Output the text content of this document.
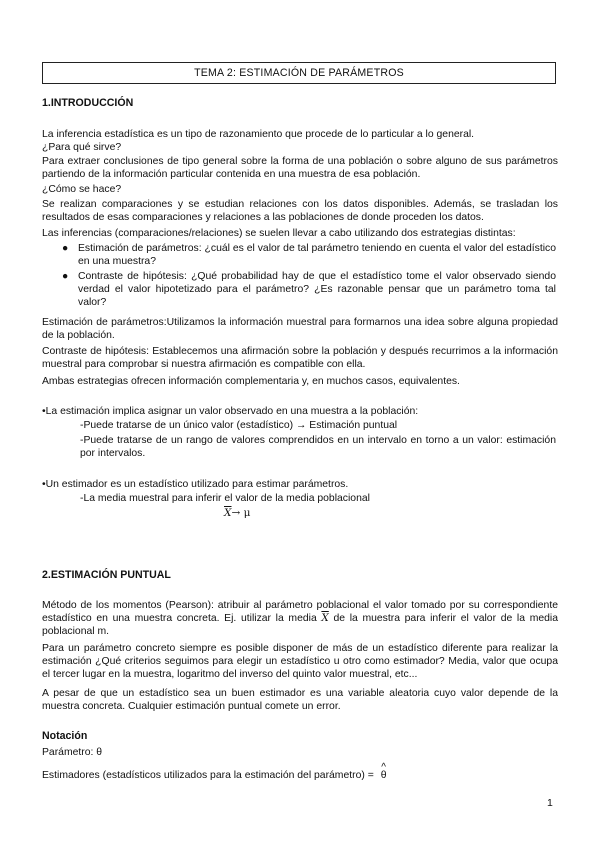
TEMA 2: ESTIMACIÓN DE PARÁMETROS
1.INTRODUCCIÓN

La inferencia estadística es un tipo de razonamiento que procede de lo particular a lo general.

¿Para qué sirve?

Para extraer conclusiones de tipo general sobre la forma de una población o sobre alguno de sus parámetros partiendo de la información particular contenida en una muestra de esa población.

¿Cómo se hace?

Se realizan comparaciones y se estudian relaciones con los datos disponibles. Además, se trasladan los resultados de esas comparaciones y relaciones a las poblaciones de donde proceden los datos.

Las inferencias (comparaciones/relaciones) se suelen llevar a cabo utilizando dos estrategias distintas:

● Estimación de parámetros: ¿cuál es el valor de tal parámetro teniendo en cuenta el valor del estadístico en una muestra?

● Contraste de hipótesis: ¿Qué probabilidad hay de que el estadístico tome el valor observado siendo verdad el valor hipotetizado para el parámetro? ¿Es razonable pensar que un parámetro toma tal valor?

Estimación de parámetros:Utilizamos la información muestral para formarnos una idea sobre alguna propiedad de la población.

Contraste de hipótesis: Establecemos una afirmación sobre la población y después recurrimos a la información muestral para comprobar si nuestra afirmación es compatible con ella.

Ambas estrategias ofrecen información complementaria y, en muchos casos, equivalentes.

•La estimación implica asignar un valor observado en una muestra a la población:

-Puede tratarse de un único valor (estadístico) → Estimación puntual

-Puede tratarse de un rango de valores comprendidos en un intervalo en torno a un valor: estimación por intervalos.

•Un estimador es un estadístico utilizado para estimar parámetros.

-La media muestral para inferir el valor de la media poblacional

$\overline{X}\to \mu$
2.ESTIMACIÓN PUNTUAL

Método de los momentos (Pearson): atribuir al parámetro poblacional el valor tomado por su correspondiente estadístico en una muestra concreta. Ej. utilizar la media $\overline{X}$ de la muestra para inferir el valor de la media poblacional m.

Para un parámetro concreto siempre es posible disponer de más de un estadístico diferente para realizar la estimación ¿Qué criterios seguimos para elegir un estadístico u otro como estimador? Media, valor que ocupa el tercer lugar en la muestra, logaritmo del inverso del quinto valor muestral, etc...

A pesar de que un estadístico sea un buen estimador es una variable aleatoria cuyo valor depende de la muestra concreta. Cualquier estimación puntual comete un error.

Notación

Parámetro: θ

Estimadores (estadísticos utilizados para la estimación del parámetro) = ^ θ

1
